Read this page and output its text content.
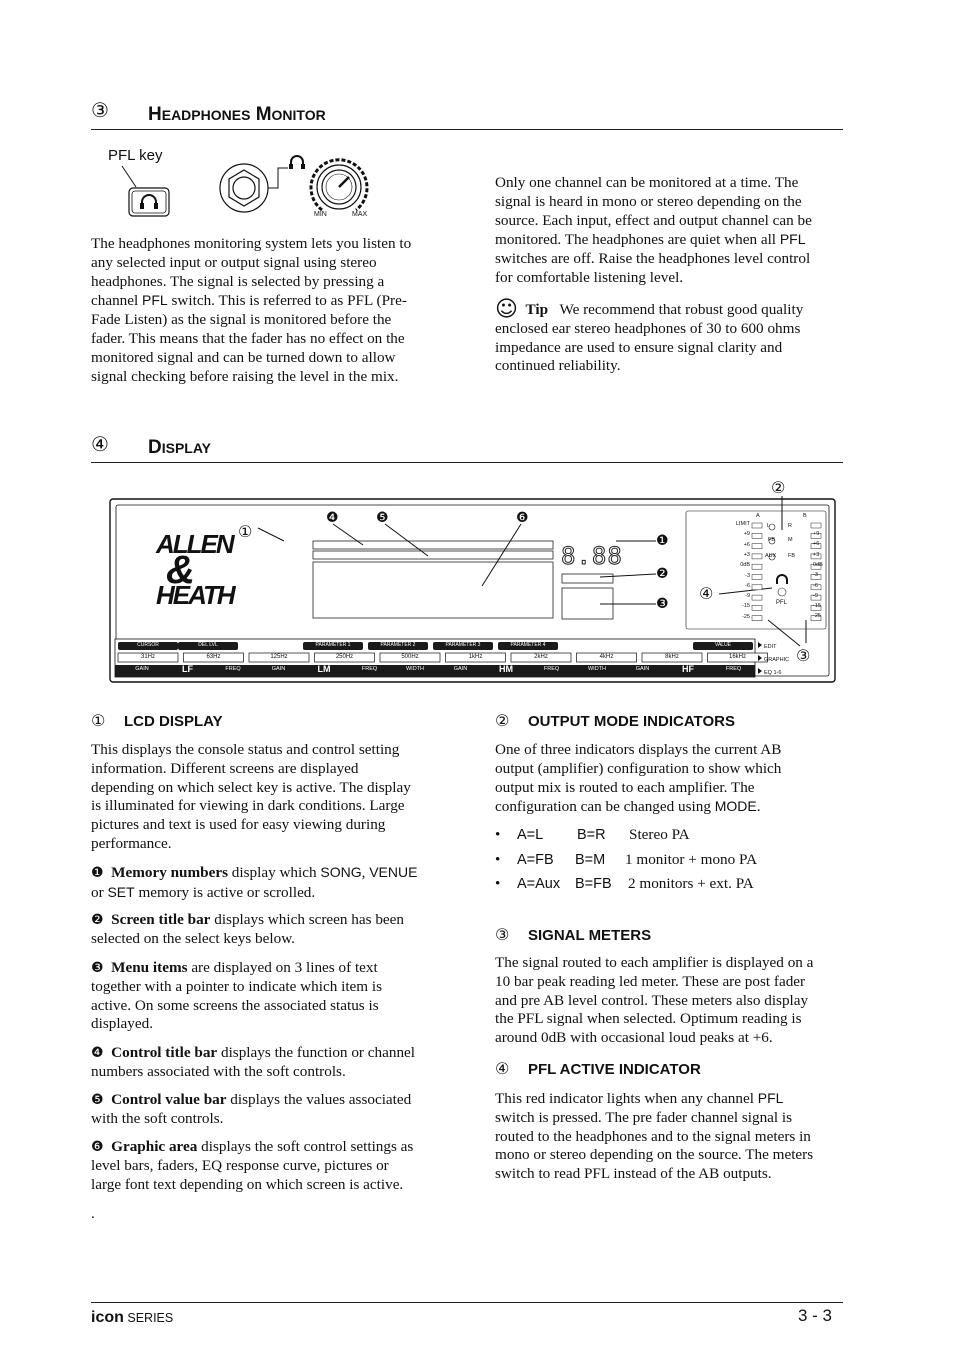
③ HEADPHONES MONITOR
PFL key
MIN	MAX
The headphones monitoring system lets you listen to
any selected input or output signal using stereo
headphones. The signal is selected by pressing a
channel PFL switch. This is referred to as PFL (Pre-
Fade Listen) as the signal is monitored before the
fader. This means that the fader has no effect on the
monitored signal and can be turned down to allow
signal checking before raising the level in the mix.
Only one channel can be monitored at a time. The
signal is heard in mono or stereo depending on the
source. Each input, effect and output channel can be
monitored. The headphones are quiet when all PFL
switches are off. Raise the headphones level control
for comfortable listening level.
☺ Tip We recommend that robust good quality
enclosed ear stereo headphones of 30 to 600 ohms
impedance are used to ensure signal clarity and
continued reliability.
④ DISPLAY
ALLEN
&
HEATH
8.88
①
❹	❺	❻
❶
❷
❸
④
②
③
LIMIT
+9
+6
+3
0dB
-3
-6
-9
-15
-25
+9
+6
+3
0dB
-3
-6
-9
-15
-25
A	B
L	R
FB M
AUX FB
PFL
EDIT
GRAPHIC
EQ 1-6
CURSOR	DEL LVL	PARAMETER 1	PARAMETER 2	PARAMETER 3	PARAMETER 4	VALUE
31Hz	63Hz	125Hz	250Hz	500Hz	1kHz	2kHz	4kHz	8kHz	16kHz
GAIN	LF	FREQ	GAIN	LM	FREQ	WIDTH	GAIN	HM	FREQ	WIDTH	GAIN	HF	FREQ
① LCD DISPLAY
This displays the console status and control setting
information. Different screens are displayed
depending on which select key is active. The display
is illuminated for viewing in dark conditions. Large
pictures and text is used for easy viewing during
performance.
❶ Memory numbers display which SONG, VENUE
or SET memory is active or scrolled.
❷ Screen title bar displays which screen has been
selected on the select keys below.
❸ Menu items are displayed on 3 lines of text
together with a pointer to indicate which item is
active. On some screens the associated status is
displayed.
❹ Control title bar displays the function or channel
numbers associated with the soft controls.
❺ Control value bar displays the values associated
with the soft controls.
❻ Graphic area displays the soft control settings as
level bars, faders, EQ response curve, pictures or
large font text depending on which screen is active.
.
② OUTPUT MODE INDICATORS
One of three indicators displays the current AB
output (amplifier) configuration to show which
output mix is routed to each amplifier. The
configuration can be changed using MODE.
• A=L B=R Stereo PA
• A=FB B=M 1 monitor + mono PA
• A=Aux B=FB 2 monitors + ext. PA
③ SIGNAL METERS
The signal routed to each amplifier is displayed on a
10 bar peak reading led meter. These are post fader
and pre AB level control. These meters also display
the PFL signal when selected. Optimum reading is
around 0dB with occasional loud peaks at +6.
④ PFL ACTIVE INDICATOR
This red indicator lights when any channel PFL
switch is pressed. The pre fader channel signal is
routed to the headphones and to the signal meters in
mono or stereo depending on the source. The meters
switch to read PFL instead of the AB outputs.
icon SERIES	3 - 3
